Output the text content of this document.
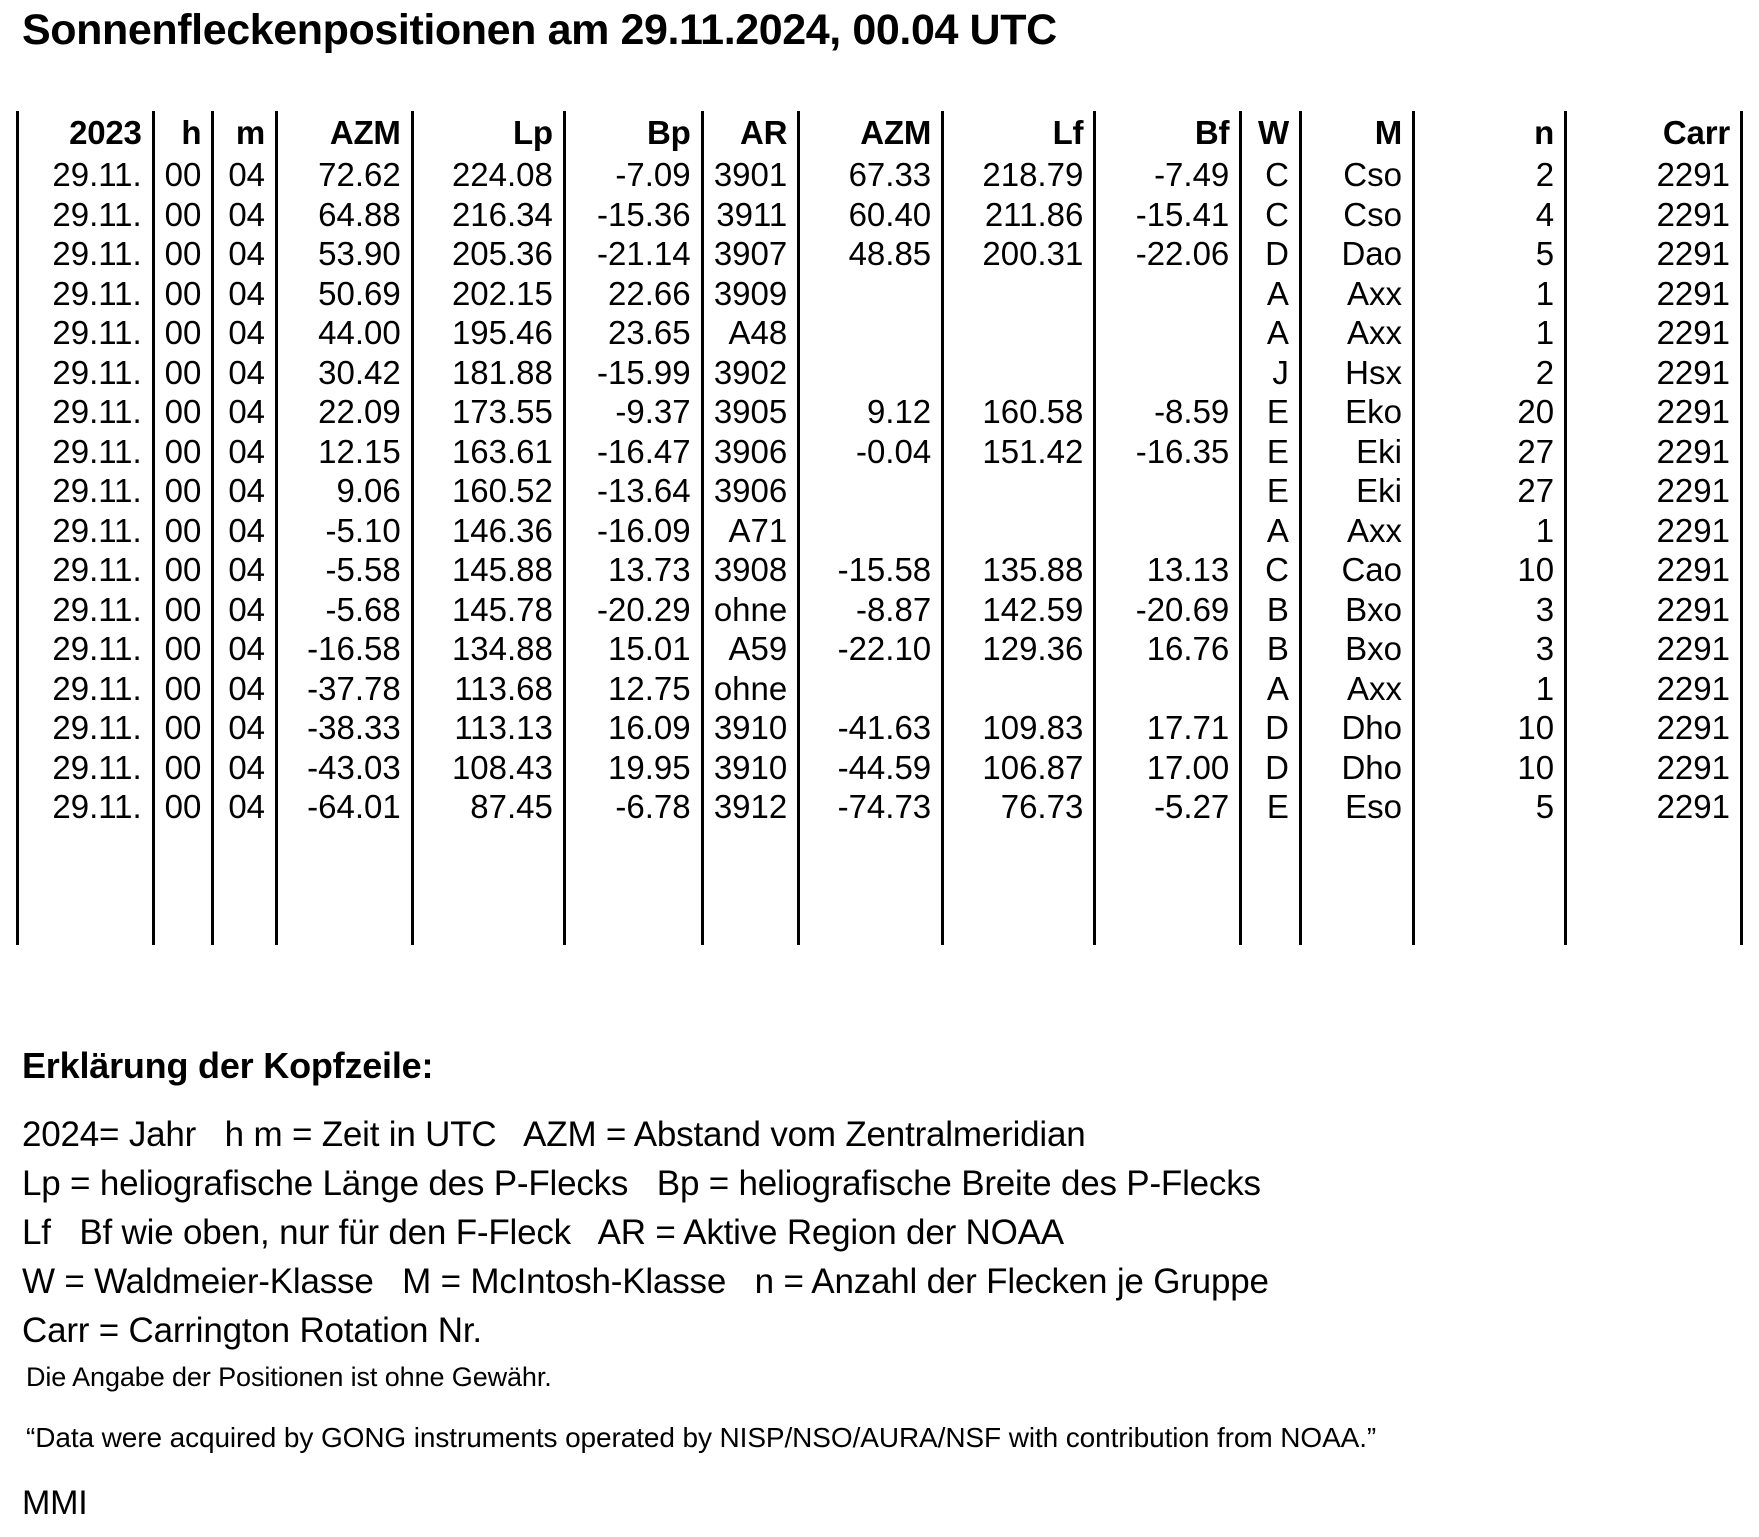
Sonnenfleckenpositionen am 29.11.2024, 00.04 UTC
2023	h	m	AZM	Lp	Bp	AR	AZM	Lf	Bf	W	M	n	Carr
29.11.	00	04	72.62	224.08	-7.09	3901	67.33	218.79	-7.49	C	Cso	2	2291
29.11.	00	04	64.88	216.34	-15.36	3911	60.40	211.86	-15.41	C	Cso	4	2291
29.11.	00	04	53.90	205.36	-21.14	3907	48.85	200.31	-22.06	D	Dao	5	2291
29.11.	00	04	50.69	202.15	22.66	3909				A	Axx	1	2291
29.11.	00	04	44.00	195.46	23.65	A48				A	Axx	1	2291
29.11.	00	04	30.42	181.88	-15.99	3902				J	Hsx	2	2291
29.11.	00	04	22.09	173.55	-9.37	3905	9.12	160.58	-8.59	E	Eko	20	2291
29.11.	00	04	12.15	163.61	-16.47	3906	-0.04	151.42	-16.35	E	Eki	27	2291
29.11.	00	04	9.06	160.52	-13.64	3906				E	Eki	27	2291
29.11.	00	04	-5.10	146.36	-16.09	A71				A	Axx	1	2291
29.11.	00	04	-5.58	145.88	13.73	3908	-15.58	135.88	13.13	C	Cao	10	2291
29.11.	00	04	-5.68	145.78	-20.29	ohne	-8.87	142.59	-20.69	B	Bxo	3	2291
29.11.	00	04	-16.58	134.88	15.01	A59	-22.10	129.36	16.76	B	Bxo	3	2291
29.11.	00	04	-37.78	113.68	12.75	ohne				A	Axx	1	2291
29.11.	00	04	-38.33	113.13	16.09	3910	-41.63	109.83	17.71	D	Dho	10	2291
29.11.	00	04	-43.03	108.43	19.95	3910	-44.59	106.87	17.00	D	Dho	10	2291
29.11.	00	04	-64.01	87.45	-6.78	3912	-74.73	76.73	-5.27	E	Eso	5	2291

Erklärung der Kopfzeile:
2024= Jahr   h m = Zeit in UTC   AZM = Abstand vom Zentralmeridian
Lp = heliografische Länge des P-Flecks   Bp = heliografische Breite des P-Flecks
Lf   Bf wie oben, nur für den F-Fleck   AR = Aktive Region der NOAA
W = Waldmeier-Klasse   M = McIntosh-Klasse   n = Anzahl der Flecken je Gruppe
Carr = Carrington Rotation Nr.
Die Angabe der Positionen ist ohne Gewähr.
“Data were acquired by GONG instruments operated by NISP/NSO/AURA/NSF with contribution from NOAA.”
MMI
